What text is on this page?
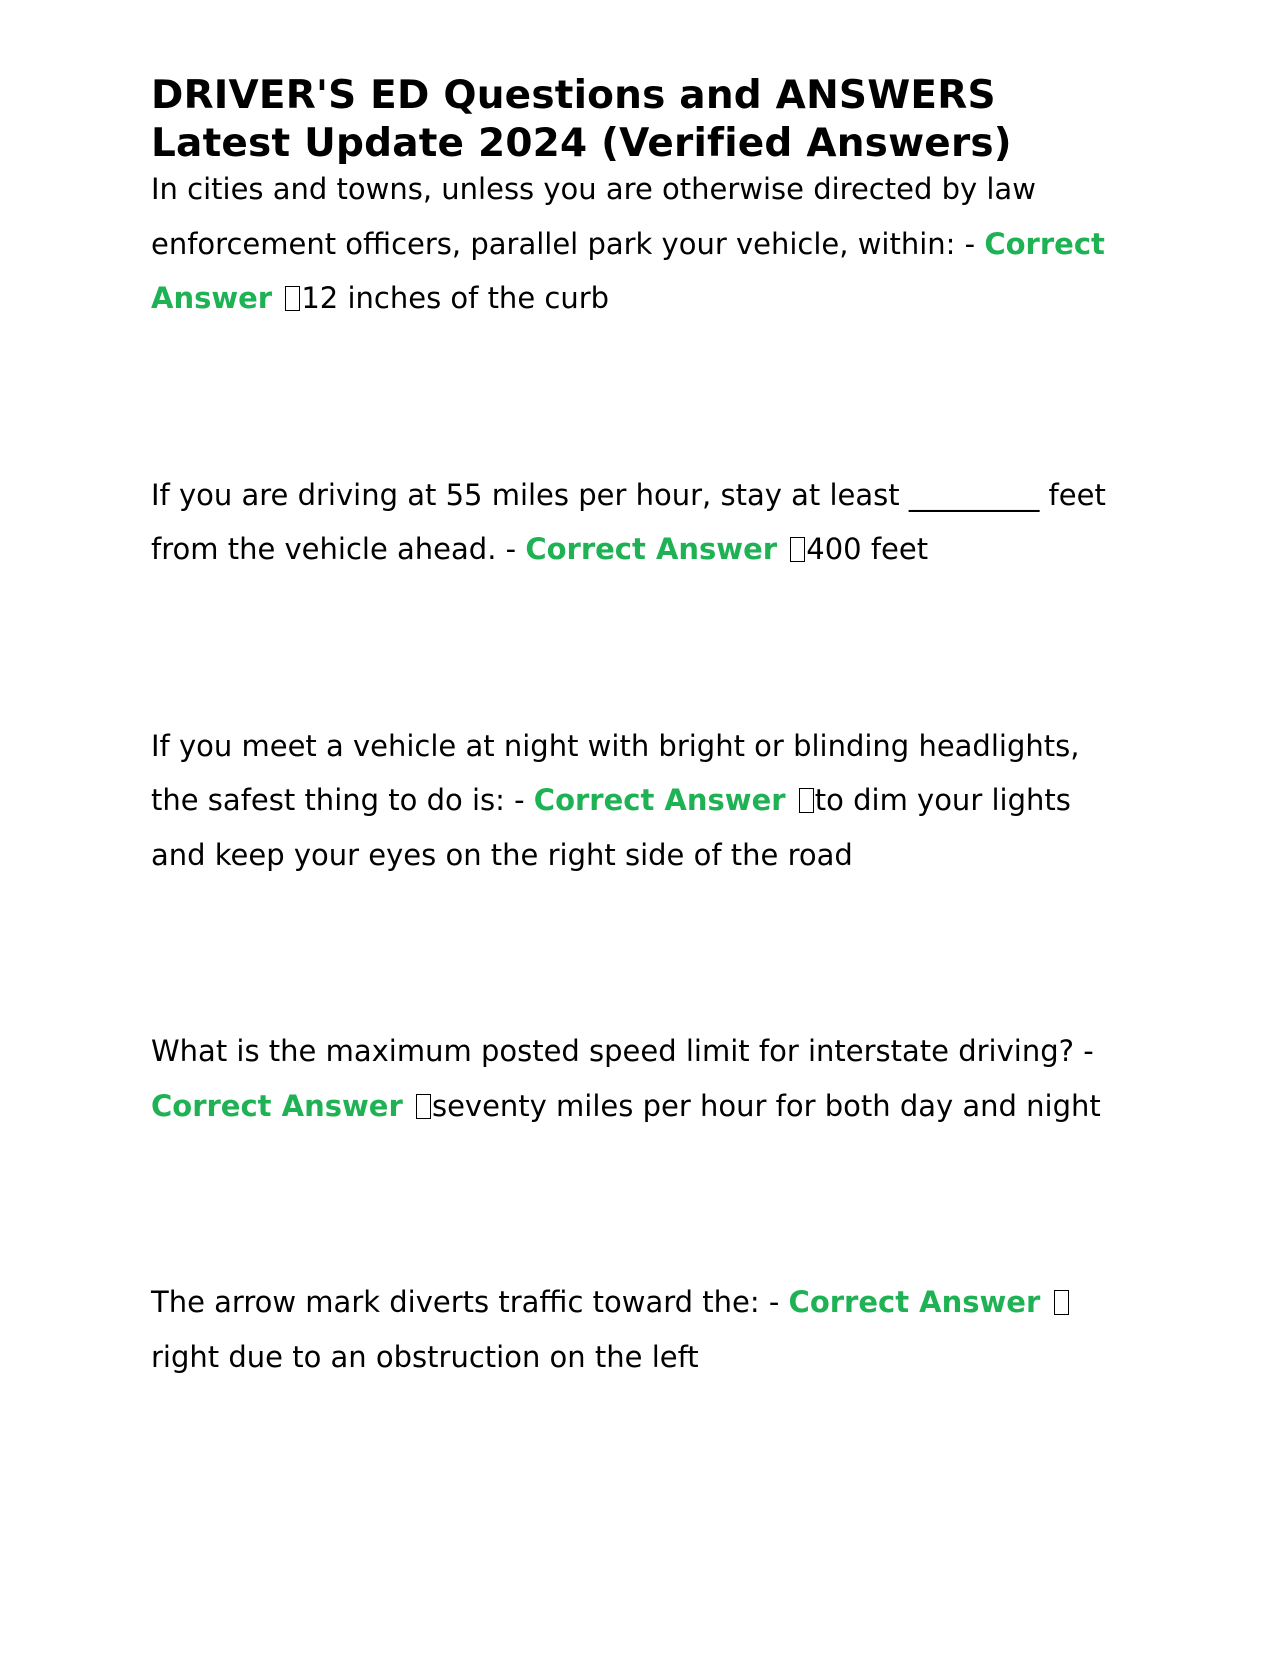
DRIVER'S ED Questions and ANSWERS
Latest Update 2024 (Verified Answers)

In cities and towns, unless you are otherwise directed by law enforcement officers, parallel park your vehicle, within: - Correct Answer 12 inches of the curb

If you are driving at 55 miles per hour, stay at least _________ feet from the vehicle ahead. - Correct Answer 400 feet

If you meet a vehicle at night with bright or blinding headlights, the safest thing to do is: - Correct Answer to dim your lights and keep your eyes on the right side of the road

What is the maximum posted speed limit for interstate driving? - Correct Answer seventy miles per hour for both day and night

The arrow mark diverts traffic toward the: - Correct Answer right due to an obstruction on the left
